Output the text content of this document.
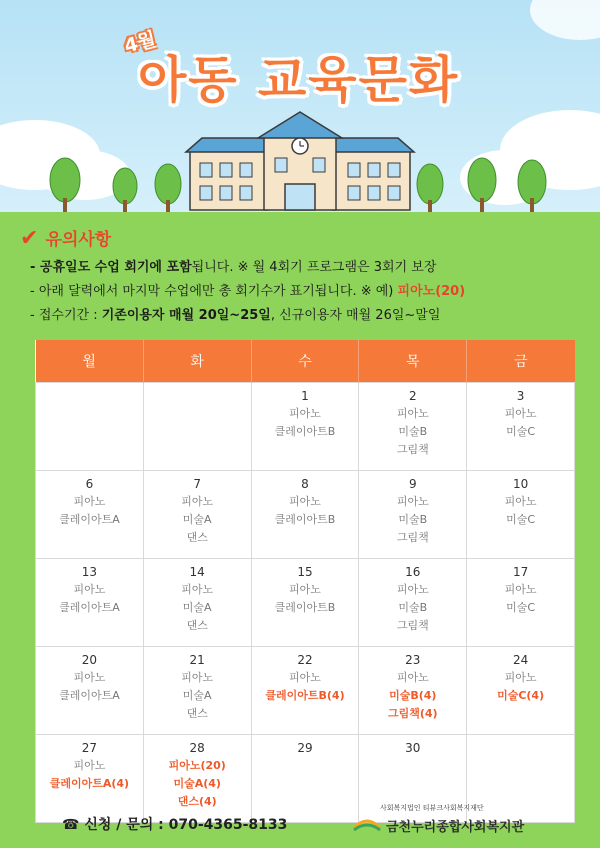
4월
아동 교육문화
✔ 유의사항
- 공휴일도 수업 회기에 포함됩니다. ※ 월 4회기 프로그램은 3회기 보장
- 아래 달력에서 마지막 수업에만 총 회기수가 표기됩니다. ※ 예) 피아노(20)
- 접수기간 : 기존이용자 매월 20일~25일, 신규이용자 매월 26일~말일
월	화	수	목	금

		1
피아노
클레이아트B	2
피아노
미술B
그림책	3
피아노
미술C

6
피아노
클레이아트A	7
피아노
미술A
댄스	8
피아노
클레이아트B	9
피아노
미술B
그림책	10
피아노
미술C

13
피아노
클레이아트A	14
피아노
미술A
댄스	15
피아노
클레이아트B	16
피아노
미술B
그림책	17
피아노
미술C

20
피아노
클레이아트A	21
피아노
미술A
댄스	22
피아노
클레이아트B(4)	23
피아노
미술B(4)
그림책(4)	24
피아노
미술C(4)

27
피아노
클레이아트A(4)	28
피아노(20)
미술A(4)
댄스(4)	29	30	

☎ 신청 / 문의 : 070-4365-8133
사회복지법인 티뷰크사회복지재단
금천누리종합사회복지관
